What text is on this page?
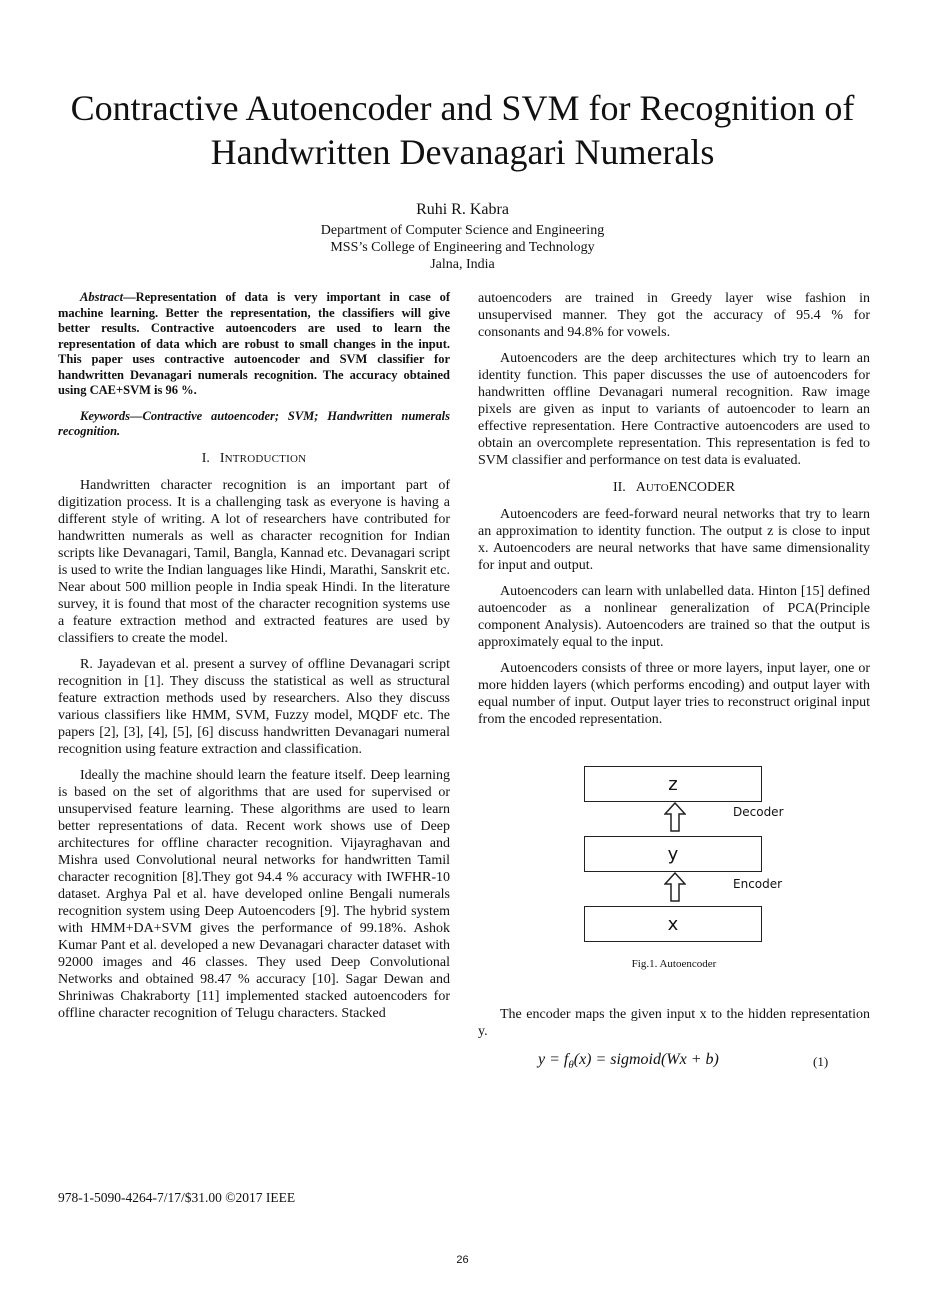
Contractive Autoencoder and SVM for Recognition of Handwritten Devanagari Numerals

Ruhi R. Kabra

Department of Computer Science and Engineering

MSS’s College of Engineering and Technology

Jalna, India

Abstract—Representation of data is very important in case of machine learning. Better the representation, the classifiers will give better results. Contractive autoencoders are used to learn the representation of data which are robust to small changes in the input. This paper uses contractive autoencoder and SVM classifier for handwritten Devanagari numerals recognition. The accuracy obtained using CAE+SVM is 96 %.

Keywords—Contractive autoencoder; SVM; Handwritten numerals recognition.

I. INTRODUCTION

Handwritten character recognition is an important part of digitization process. It is a challenging task as everyone is having a different style of writing. A lot of researchers have contributed for handwritten numerals as well as character recognition for Indian scripts like Devanagari, Tamil, Bangla, Kannad etc. Devanagari script is used to write the Indian languages like Hindi, Marathi, Sanskrit etc. Near about 500 million people in India speak Hindi. In the literature survey, it is found that most of the character recognition systems use a feature extraction method and extracted features are used by classifiers to create the model.

R. Jayadevan et al. present a survey of offline Devanagari script recognition in [1]. They discuss the statistical as well as structural feature extraction methods used by researchers. Also they discuss various classifiers like HMM, SVM, Fuzzy model, MQDF etc. The papers [2], [3], [4], [5], [6] discuss handwritten Devanagari numeral recognition using feature extraction and classification.

Ideally the machine should learn the feature itself. Deep learning is based on the set of algorithms that are used for supervised or unsupervised feature learning. These algorithms are used to learn better representations of data. Recent work shows use of Deep architectures for offline character recognition. Vijayraghavan and Mishra used Convolutional neural networks for handwritten Tamil character recognition [8].They got 94.4 % accuracy with IWFHR-10 dataset. Arghya Pal et al. have developed online Bengali numerals recognition system using Deep Autoencoders [9]. The hybrid system with HMM+DA+SVM gives the performance of 99.18%. Ashok Kumar Pant et al. developed a new Devanagari character dataset with 92000 images and 46 classes. They used Deep Convolutional Networks and obtained 98.47 % accuracy [10]. Sagar Dewan and Shriniwas Chakraborty [11] implemented stacked autoencoders for offline character recognition of Telugu characters. Stacked

autoencoders are trained in Greedy layer wise fashion in unsupervised manner. They got the accuracy of 95.4 % for consonants and 94.8% for vowels.

Autoencoders are the deep architectures which try to learn an identity function. This paper discusses the use of autoencoders for handwritten offline Devanagari numeral recognition. Raw image pixels are given as input to variants of autoencoder to learn an effective representation. Here Contractive autoencoders are used to obtain an overcomplete representation. This representation is fed to SVM classifier and performance on test data is evaluated.

II. AUTOENCODER

Autoencoders are feed-forward neural networks that try to learn an approximation to identity function. The output z is close to input x. Autoencoders are neural networks that have same dimensionality for input and output.

Autoencoders can learn with unlabelled data. Hinton [15] defined autoencoder as a nonlinear generalization of PCA(Principle component Analysis). Autoencoders are trained so that the output is approximately equal to the input.

Autoencoders consists of three or more layers, input layer, one or more hidden layers (which performs encoding) and output layer with equal number of input. Output layer tries to reconstruct original input from the encoded representation.

z
Decoder
y
Encoder
x
Fig.1. Autoencoder

The encoder maps the given input x to the hidden representation y.

$y = f_\theta(x)$ = sigmoid(Wx + b)	(1)
978-1-5090-4264-7/17/$31.00 ©2017 IEEE
26
